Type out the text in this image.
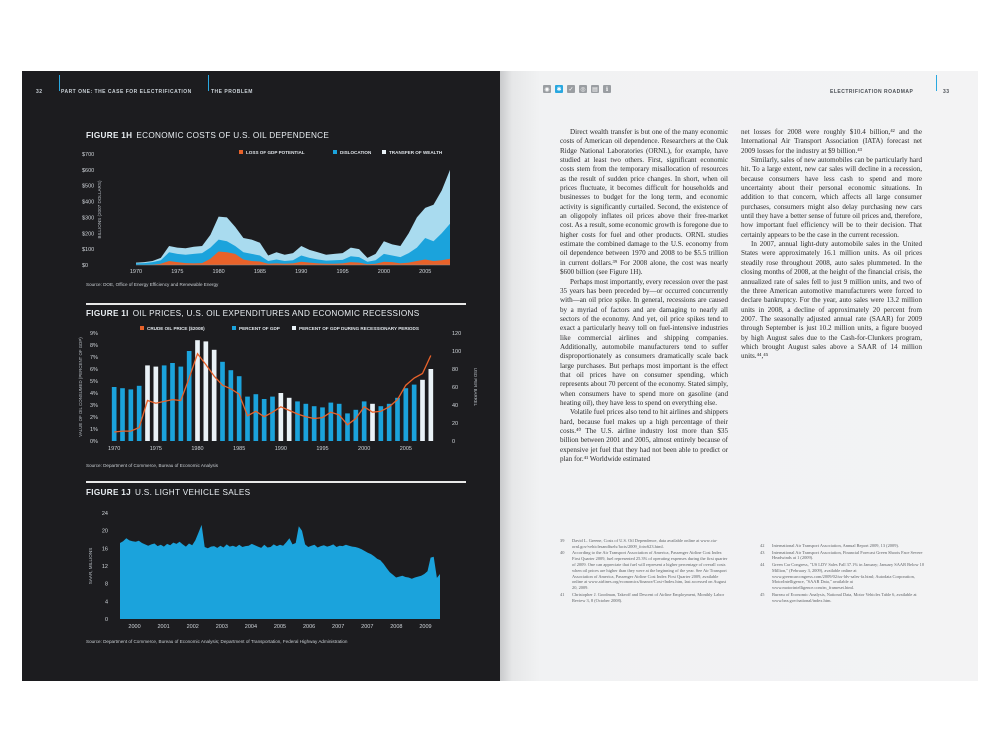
32	PART ONE: THE CASE FOR ELECTRIFICATION	THE PROBLEM
FIGURE 1H ECONOMIC COSTS OF U.S. OIL DEPENDENCE
$0
$100
$200
$300
$400
$500
$600
$700
1970	1975	1980	1985	1990	1995	2000	2005
BILLIONS (2007 DOLLARS)
LOSS OF GDP POTENTIAL	DISLOCATION	TRANSFER OF WEALTH
Source: DOE, Office of Energy Efficiency and Renewable Energy
FIGURE 1I OIL PRICES, U.S. OIL EXPENDITURES AND ECONOMIC RECESSIONS
0%
1%
2%
3%
4%
5%
6%
7%
8%
9%
0
20
40
60
80
100
120
1970	1975	1980	1985	1990	1995	2000	2005
VALUE OF OIL CONSUMED (PERCENT OF GDP)	USD PER BARREL
CRUDE OIL PRICE ($2008)	PERCENT OF GDP	PERCENT OF GDP DURING RECESSIONARY PERIODS
Source: Department of Commerce, Bureau of Economic Analysis
FIGURE 1J U.S. LIGHT VEHICLE SALES
0
4
8
12
16
20
24
2000	2001	2002	2003	2004	2005	2006	2007	2007	2008	2009
SAAR, MILLIONS
Source: Department of Commerce, Bureau of Economic Analysis; Department of Transportation, Federal Highway Administration
◉ ✱ ✓ ◎ ▤	ℹ	ELECTRIFICATION ROADMAP	33

Direct wealth transfer is but one of the many economic costs of American oil dependence. Researchers at the Oak Ridge National Laboratories (ORNL), for example, have studied at least two others. First, significant economic costs stem from the temporary misallocation of resources as the result of sudden price changes. In short, when oil prices fluctuate, it becomes difficult for households and businesses to budget for the long term, and economic activity is significantly curtailed. Second, the existence of an oligopoly inflates oil prices above their free-market cost. As a result, some economic growth is foregone due to higher costs for fuel and other products. ORNL studies estimate the combined damage to the U.S. economy from oil dependence between 1970 and 2008 to be $5.5 trillion in current dollars.³⁹ For 2008 alone, the cost was nearly $600 billion (see Figure 1H).

Perhaps most importantly, every recession over the past 35 years has been preceded by—or occurred concurrently with—an oil price spike. In general, recessions are caused by a myriad of factors and are damaging to nearly all sectors of the economy. And yet, oil price spikes tend to exact a particularly heavy toll on fuel-intensive industries like commercial airlines and shipping companies. Additionally, automobile manufacturers tend to suffer disproportionately as consumers dramatically scale back large purchases. But perhaps most important is the effect that oil prices have on consumer spending, which represents about 70 percent of the economy. Stated simply, when consumers have to spend more on gasoline (and heating oil), they have less to spend on everything else.

Volatile fuel prices also tend to hit airlines and shippers hard, because fuel makes up a high percentage of their costs.⁴⁰ The U.S. airline industry lost more than $35 billion between 2001 and 2005, almost entirely because of expensive jet fuel that they had not been able to predict or plan for.⁴¹ Worldwide estimated

net losses for 2008 were roughly $10.4 billion,⁴² and the International Air Transport Association (IATA) forecast net 2009 losses for the industry at $9 billion.⁴³

Similarly, sales of new automobiles can be particularly hard hit. To a large extent, new car sales will decline in a recession, because consumers have less cash to spend and more uncertainty about their personal economic situations. In addition to that concern, which affects all large consumer purchases, consumers might also delay purchasing new cars until they have a better sense of future oil prices and, therefore, how important fuel efficiency will be to their decision. That certainly appears to be the case in the current recession.

In 2007, annual light-duty automobile sales in the United States were approximately 16.1 million units. As oil prices steadily rose throughout 2008, auto sales plummeted. In the closing months of 2008, at the height of the financial crisis, the annualized rate of sales fell to just 9 million units, and two of the three American automotive manufacturers were forced to declare bankruptcy. For the year, auto sales were 13.2 million units in 2008, a decline of approximately 20 percent from 2007. The seasonally adjusted annual rate (SAAR) for 2009 through September is just 10.2 million units, a figure buoyed by high August sales due to the Cash-for-Clunkers program, which brought August sales above a SAAR of 14 million units.⁴⁴,⁴⁵

39	David L. Greene, Costs of U.S. Oil Dependence, data available online at www.cta-ornl.gov/vehiclesandfuels/facts/2009_fotw623.html.
40	According to the Air Transport Association of America, Passenger Airline Cost Index First Quarter 2009, fuel represented 25.3% of operating expenses during the first quarter of 2009. One can appreciate that fuel will represent a higher percentage of overall costs when oil prices are higher than they were at the beginning of the year. See Air Transport Association of America, Passenger Airline Cost Index First Quarter 2009, available online at www.airlines.org/economics/finance/Cost+Index.htm, last accessed on August 20, 2009.
41	Christopher J. Goodman, Takeoff and Descent of Airline Employment, Monthly Labor Review 3, 8 (October 2008).
42	International Air Transport Association, Annual Report 2009, 13 (2009).
43	International Air Transport Association, Financial Forecast Green Shoots Face Severe Headwinds at 1 (2009).
44	Green Car Congress, "US LDV Sales Fall 37.1% in January; January SAAR Below 10 Million," (February 3, 2009), available online at www.greencarcongress.com/2009/02/us-ldv-sales-fa.html; Autodata Corporation, MotorIntelligence, "SAAR Data," available at www.motorintelligence.com/m_frameset.html.
45	Bureau of Economic Analysis, National Data, Motor Vehicles Table 6, available at www.bea.gov/national/index.htm.
